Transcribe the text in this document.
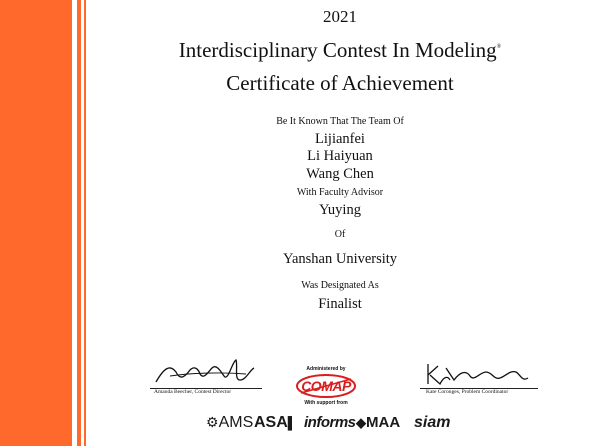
2021
Interdisciplinary Contest In Modeling®
Certificate of Achievement
Be It Known That The Team Of
Lijianfei
Li Haiyuan
Wang Chen
With Faculty Advisor
Yuying
Of
Yanshan University
Was Designated As
Finalist
Amanda Beecher, Contest Director
Administered by
COMAP
With support from
Kate Coronges, Problem Coordinator
⚙AMS ASA▌ informs ◆MAA siam
